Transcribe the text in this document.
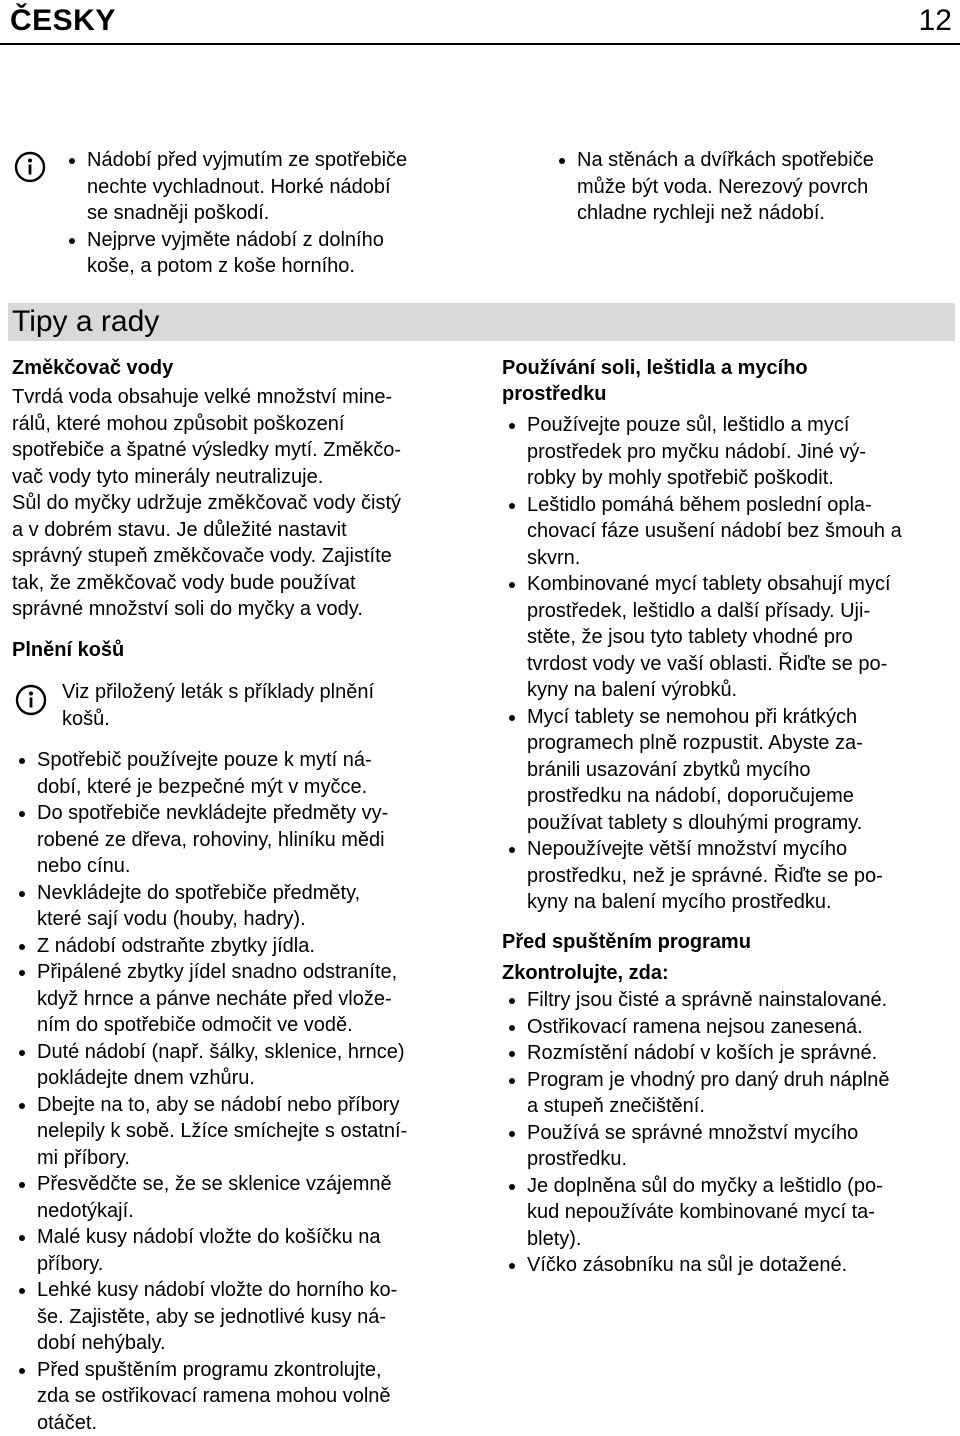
ČESKY	12
Nádobí před vyjmutím ze spotřebiče
nechte vychladnout. Horké nádobí
se snadněji poškodí.
Nejprve vyjměte nádobí z dolního
koše, a potom z koše horního.
Na stěnách a dvířkách spotřebiče
může být voda. Nerezový povrch
chladne rychleji než nádobí.
Tipy a rady
Změkčovač vody
Tvrdá voda obsahuje velké množství mine-
rálů, které mohou způsobit poškození
spotřebiče a špatné výsledky mytí. Změkčo-
vač vody tyto minerály neutralizuje.
Sůl do myčky udržuje změkčovač vody čistý
a v dobrém stavu. Je důležité nastavit
správný stupeň změkčovače vody. Zajistíte
tak, že změkčovač vody bude používat
správné množství soli do myčky a vody.
Plnění košů
Viz přiložený leták s příklady plnění
košů.
Spotřebič používejte pouze k mytí ná-
dobí, které je bezpečné mýt v myčce.
Do spotřebiče nevkládejte předměty vy-
robené ze dřeva, rohoviny, hliníku mědi
nebo cínu.
Nevkládejte do spotřebiče předměty,
které sají vodu (houby, hadry).
Z nádobí odstraňte zbytky jídla.
Připálené zbytky jídel snadno odstraníte,
když hrnce a pánve necháte před vlože-
ním do spotřebiče odmočit ve vodě.
Duté nádobí (např. šálky, sklenice, hrnce)
pokládejte dnem vzhůru.
Dbejte na to, aby se nádobí nebo příbory
nelepily k sobě. Lžíce smíchejte s ostatní-
mi příbory.
Přesvědčte se, že se sklenice vzájemně
nedotýkají.
Malé kusy nádobí vložte do košíčku na
příbory.
Lehké kusy nádobí vložte do horního ko-
še. Zajistěte, aby se jednotlivé kusy ná-
dobí nehýbaly.
Před spuštěním programu zkontrolujte,
zda se ostřikovací ramena mohou volně
otáčet.
Používání soli, leštidla a mycího
prostředku
Používejte pouze sůl, leštidlo a mycí
prostředek pro myčku nádobí. Jiné vý-
robky by mohly spotřebič poškodit.
Leštidlo pomáhá během poslední opla-
chovací fáze usušení nádobí bez šmouh a
skvrn.
Kombinované mycí tablety obsahují mycí
prostředek, leštidlo a další přísady. Uji-
stěte, že jsou tyto tablety vhodné pro
tvrdost vody ve vaší oblasti. Řiďte se po-
kyny na balení výrobků.
Mycí tablety se nemohou při krátkých
programech plně rozpustit. Abyste za-
bránili usazování zbytků mycího
prostředku na nádobí, doporučujeme
používat tablety s dlouhými programy.
Nepoužívejte větší množství mycího
prostředku, než je správné. Řiďte se po-
kyny na balení mycího prostředku.
Před spuštěním programu
Zkontrolujte, zda:
Filtry jsou čisté a správně nainstalované.
Ostřikovací ramena nejsou zanesená.
Rozmístění nádobí v koších je správné.
Program je vhodný pro daný druh náplně
a stupeň znečištění.
Používá se správné množství mycího
prostředku.
Je doplněna sůl do myčky a leštidlo (po-
kud nepoužíváte kombinované mycí ta-
blety).
Víčko zásobníku na sůl je dotažené.
